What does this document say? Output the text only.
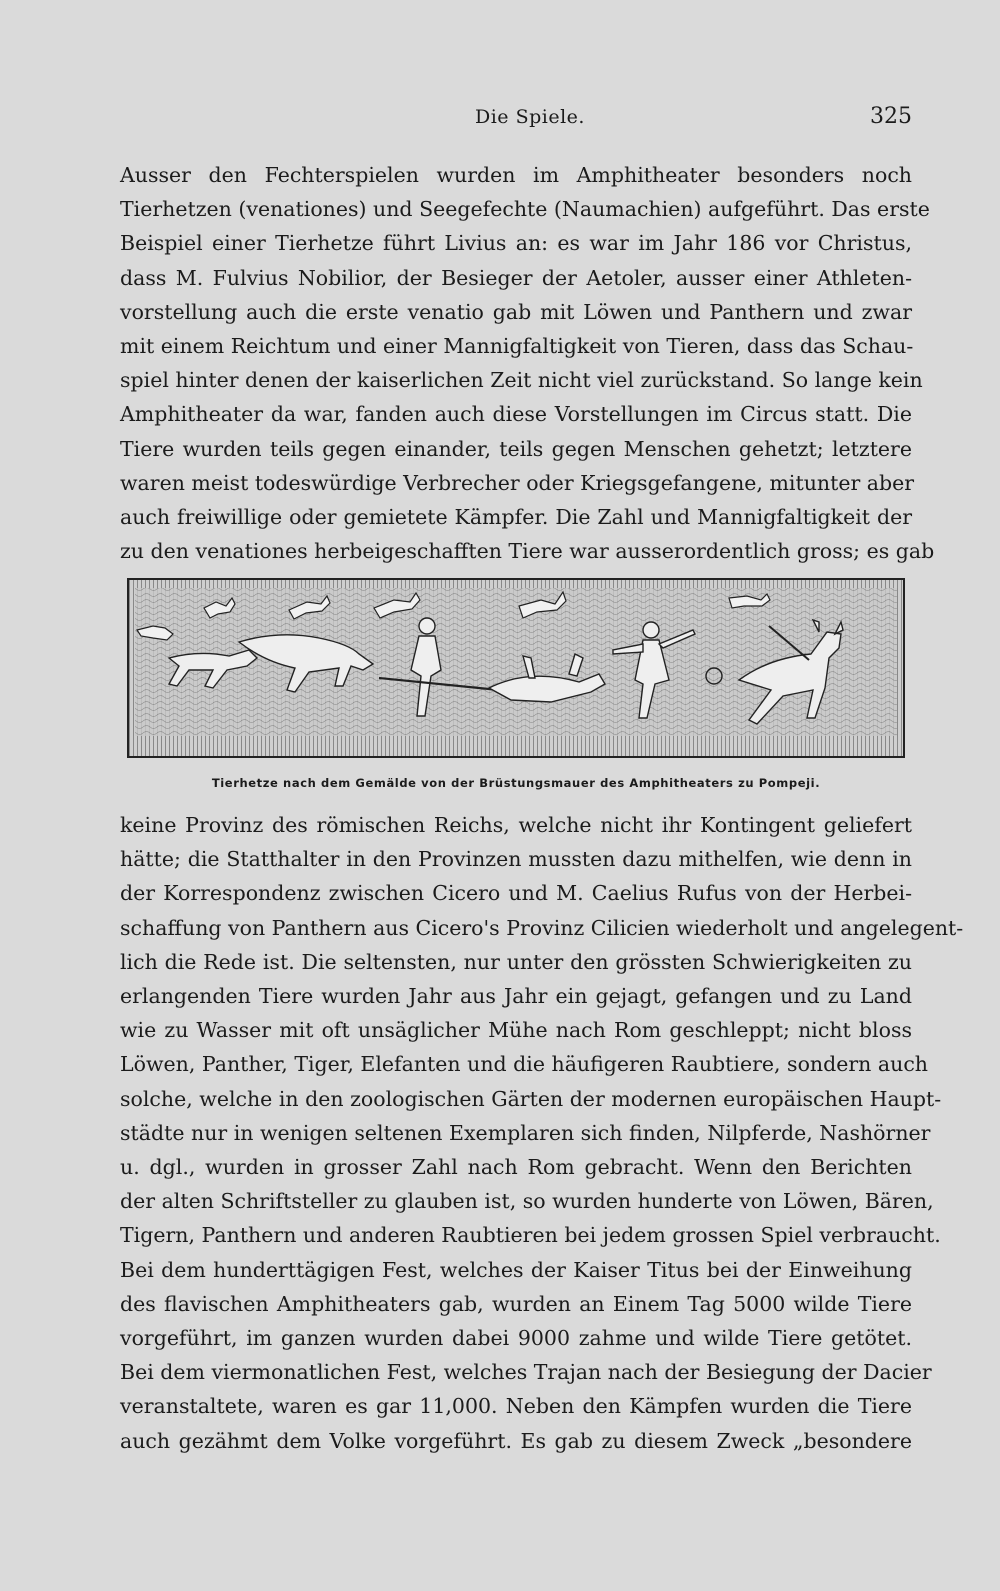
Die Spiele.	325
Ausser den Fechterspielen wurden im Amphitheater besonders noch
Tierhetzen (venationes) und Seegefechte (Naumachien) aufgeführt. Das erste
Beispiel einer Tierhetze führt Livius an: es war im Jahr 186 vor Christus,
dass M. Fulvius Nobilior, der Besieger der Aetoler, ausser einer Athleten-
vorstellung auch die erste venatio gab mit Löwen und Panthern und zwar
mit einem Reichtum und einer Mannigfaltigkeit von Tieren, dass das Schau-
spiel hinter denen der kaiserlichen Zeit nicht viel zurückstand. So lange kein
Amphitheater da war, fanden auch diese Vorstellungen im Circus statt. Die
Tiere wurden teils gegen einander, teils gegen Menschen gehetzt; letztere
waren meist todeswürdige Verbrecher oder Kriegsgefangene, mitunter aber
auch freiwillige oder gemietete Kämpfer. Die Zahl und Mannigfaltigkeit der
zu den venationes herbeigeschafften Tiere war ausserordentlich gross; es gab
Tierhetze nach dem Gemälde von der Brüstungsmauer des Amphitheaters zu Pompeji.
keine Provinz des römischen Reichs, welche nicht ihr Kontingent geliefert
hätte; die Statthalter in den Provinzen mussten dazu mithelfen, wie denn in
der Korrespondenz zwischen Cicero und M. Caelius Rufus von der Herbei-
schaffung von Panthern aus Cicero's Provinz Cilicien wiederholt und angelegent-
lich die Rede ist. Die seltensten, nur unter den grössten Schwierigkeiten zu
erlangenden Tiere wurden Jahr aus Jahr ein gejagt, gefangen und zu Land
wie zu Wasser mit oft unsäglicher Mühe nach Rom geschleppt; nicht bloss
Löwen, Panther, Tiger, Elefanten und die häufigeren Raubtiere, sondern auch
solche, welche in den zoologischen Gärten der modernen europäischen Haupt-
städte nur in wenigen seltenen Exemplaren sich finden, Nilpferde, Nashörner
u. dgl., wurden in grosser Zahl nach Rom gebracht. Wenn den Berichten
der alten Schriftsteller zu glauben ist, so wurden hunderte von Löwen, Bären,
Tigern, Panthern und anderen Raubtieren bei jedem grossen Spiel verbraucht.
Bei dem hunderttägigen Fest, welches der Kaiser Titus bei der Einweihung
des flavischen Amphitheaters gab, wurden an Einem Tag 5000 wilde Tiere
vorgeführt, im ganzen wurden dabei 9000 zahme und wilde Tiere getötet.
Bei dem viermonatlichen Fest, welches Trajan nach der Besiegung der Dacier
veranstaltete, waren es gar 11,000. Neben den Kämpfen wurden die Tiere
auch gezähmt dem Volke vorgeführt. Es gab zu diesem Zweck „besondere
